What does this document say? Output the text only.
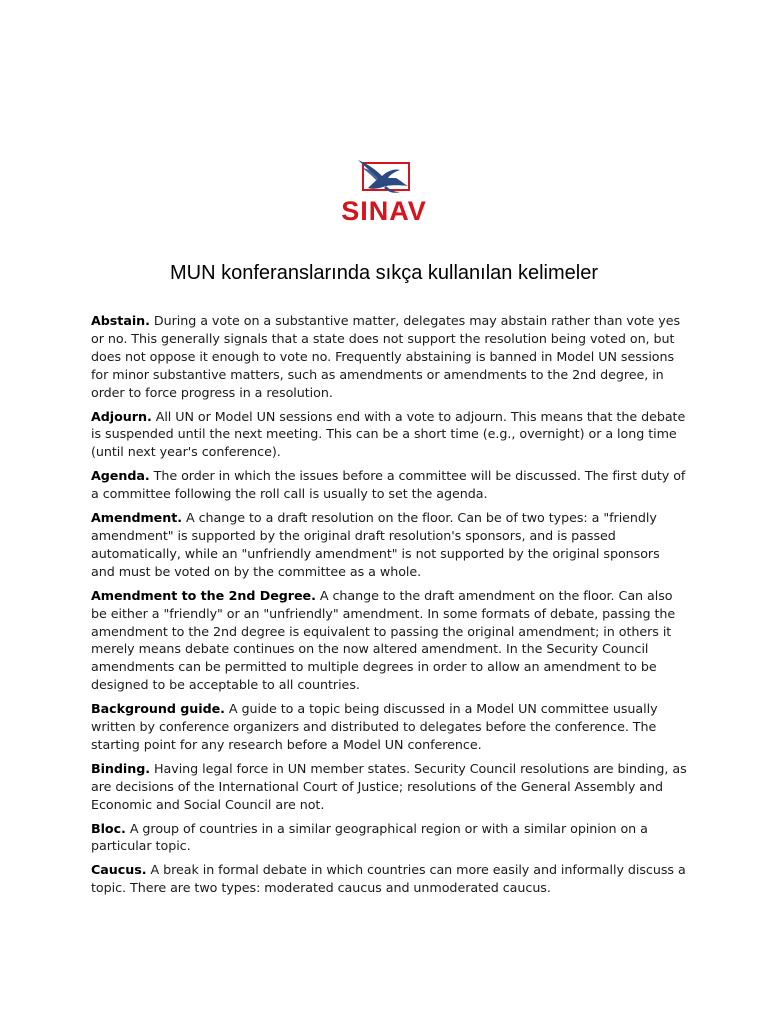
SINAV
MUN konferanslarında sıkça kullanılan kelimeler

Abstain. During a vote on a substantive matter, delegates may abstain rather than vote yes or no. This generally signals that a state does not support the resolution being voted on, but does not oppose it enough to vote no. Frequently abstaining is banned in Model UN sessions for minor substantive matters, such as amendments or amendments to the 2nd degree, in order to force progress in a resolution.

Adjourn. All UN or Model UN sessions end with a vote to adjourn. This means that the debate is suspended until the next meeting. This can be a short time (e.g., overnight) or a long time (until next year's conference).

Agenda. The order in which the issues before a committee will be discussed. The first duty of a committee following the roll call is usually to set the agenda.

Amendment. A change to a draft resolution on the floor. Can be of two types: a "friendly amendment" is supported by the original draft resolution's sponsors, and is passed automatically, while an "unfriendly amendment" is not supported by the original sponsors and must be voted on by the committee as a whole.

Amendment to the 2nd Degree. A change to the draft amendment on the floor. Can also be either a "friendly" or an "unfriendly" amendment. In some formats of debate, passing the amendment to the 2nd degree is equivalent to passing the original amendment; in others it merely means debate continues on the now altered amendment. In the Security Council amendments can be permitted to multiple degrees in order to allow an amendment to be designed to be acceptable to all countries.

Background guide. A guide to a topic being discussed in a Model UN committee usually written by conference organizers and distributed to delegates before the conference. The starting point for any research before a Model UN conference.

Binding. Having legal force in UN member states. Security Council resolutions are binding, as are decisions of the International Court of Justice; resolutions of the General Assembly and Economic and Social Council are not.

Bloc. A group of countries in a similar geographical region or with a similar opinion on a particular topic.

Caucus. A break in formal debate in which countries can more easily and informally discuss a topic. There are two types: moderated caucus and unmoderated caucus.
